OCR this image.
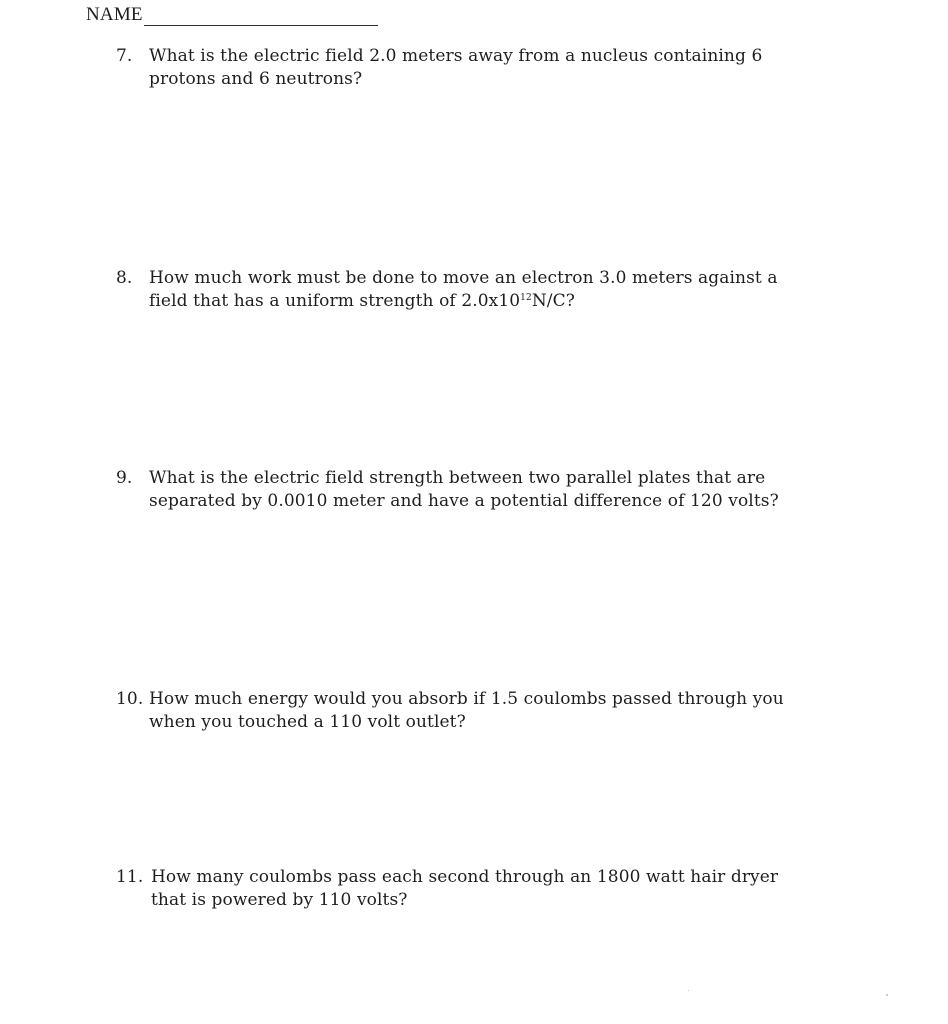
NAME
7. What is the electric field 2.0 meters away from a nucleus containing 6
protons and 6 neutrons?
8. How much work must be done to move an electron 3.0 meters against a
field that has a uniform strength of $2.0x10^{12}N/C$?
9. What is the electric field strength between two parallel plates that are
separated by 0.0010 meter and have a potential difference of 120 volts?
10. How much energy would you absorb if 1.5 coulombs passed through you
when you touched a 110 volt outlet?
11. How many coulombs pass each second through an 1800 watt hair dryer
that is powered by 110 volts?
